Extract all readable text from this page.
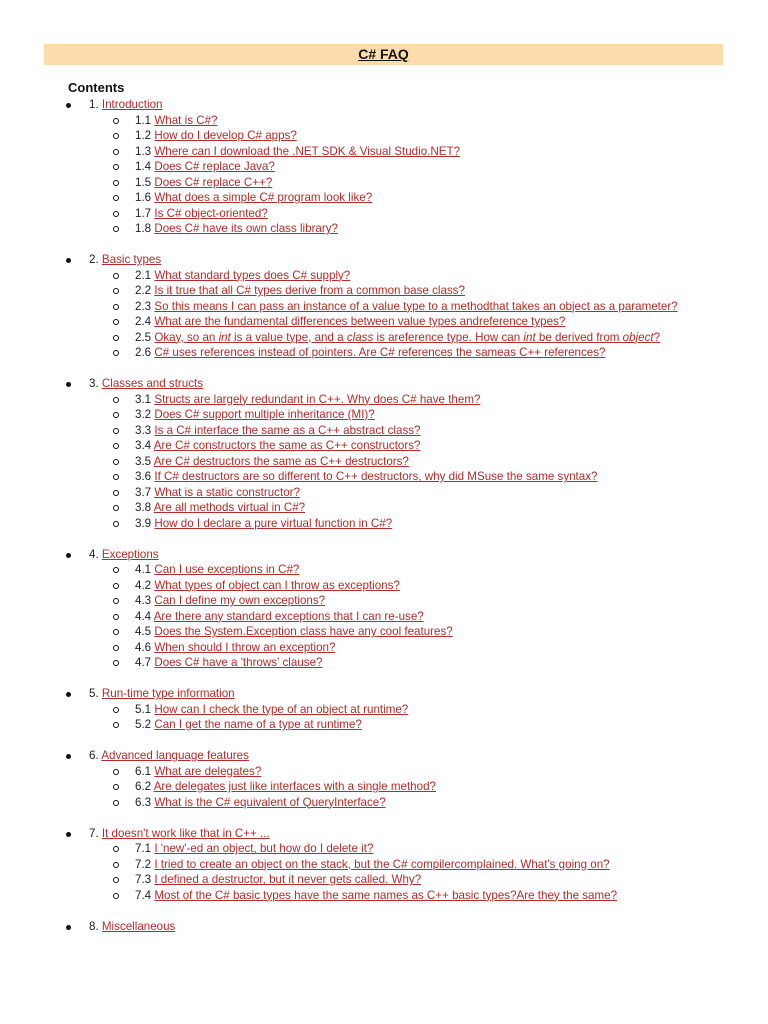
C# FAQ
Contents
1. Introduction
1.1 What is C#?
1.2 How do I develop C# apps?
1.3 Where can I download the .NET SDK & Visual Studio.NET?
1.4 Does C# replace Java?
1.5 Does C# replace C++?
1.6 What does a simple C# program look like?
1.7 Is C# object-oriented?
1.8 Does C# have its own class library?
2. Basic types
2.1 What standard types does C# supply?
2.2 Is it true that all C# types derive from a common base class?
2.3 So this means I can pass an instance of a value type to a methodthat takes an object as a parameter?
2.4 What are the fundamental differences between value types andreference types?
2.5 Okay, so an int is a value type, and a class is areference type. How can int be derived from object?
2.6 C# uses references instead of pointers. Are C# references the sameas C++ references?
3. Classes and structs
3.1 Structs are largely redundant in C++. Why does C# have them?
3.2 Does C# support multiple inheritance (MI)?
3.3 Is a C# interface the same as a C++ abstract class?
3.4 Are C# constructors the same as C++ constructors?
3.5 Are C# destructors the same as C++ destructors?
3.6 If C# destructors are so different to C++ destructors, why did MSuse the same syntax?
3.7 What is a static constructor?
3.8 Are all methods virtual in C#?
3.9 How do I declare a pure virtual function in C#?
4. Exceptions
4.1 Can I use exceptions in C#?
4.2 What types of object can I throw as exceptions?
4.3 Can I define my own exceptions?
4.4 Are there any standard exceptions that I can re-use?
4.5 Does the System.Exception class have any cool features?
4.6 When should I throw an exception?
4.7 Does C# have a 'throws' clause?
5. Run-time type information
5.1 How can I check the type of an object at runtime?
5.2 Can I get the name of a type at runtime?
6. Advanced language features
6.1 What are delegates?
6.2 Are delegates just like interfaces with a single method?
6.3 What is the C# equivalent of QueryInterface?
7. It doesn't work like that in C++ ...
7.1 I 'new'-ed an object, but how do I delete it?
7.2 I tried to create an object on the stack, but the C# compilercomplained. What's going on?
7.3 I defined a destructor, but it never gets called. Why?
7.4 Most of the C# basic types have the same names as C++ basic types?Are they the same?
8. Miscellaneous
